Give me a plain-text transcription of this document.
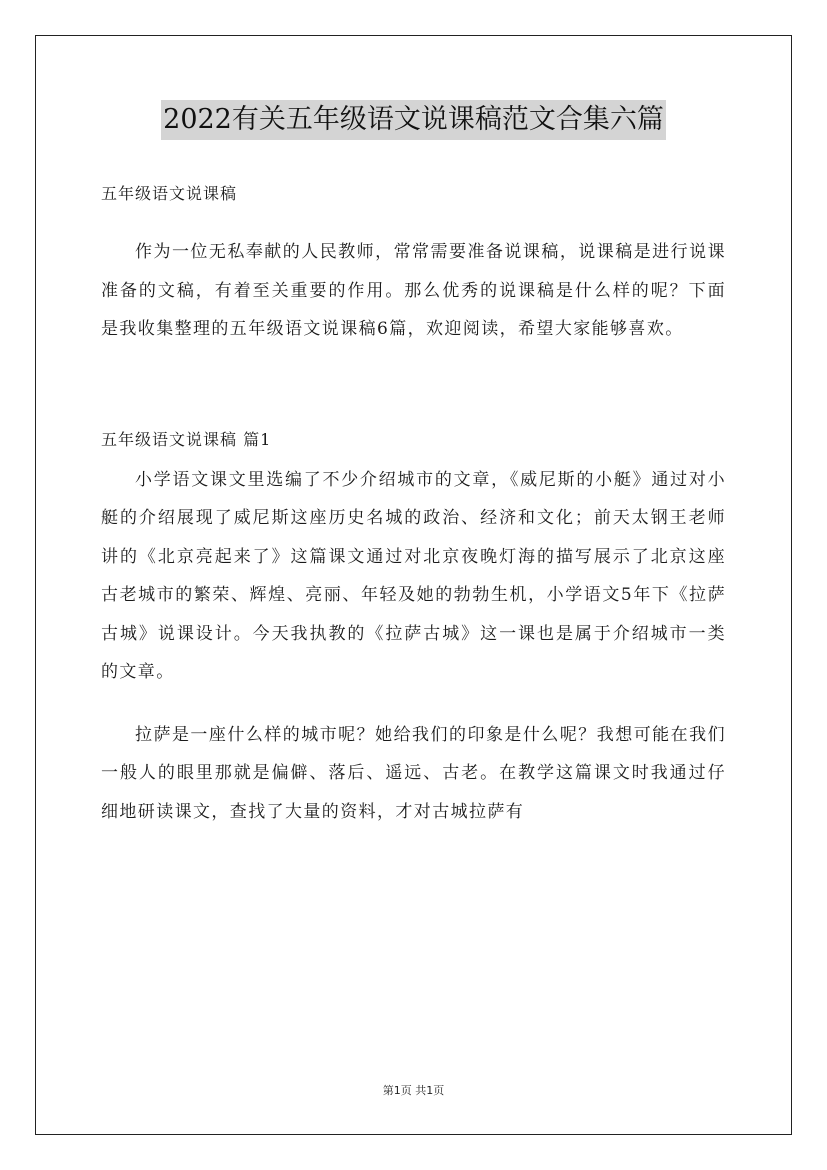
2022有关五年级语文说课稿范文合集六篇

五年级语文说课稿

作为一位无私奉献的人民教师，常常需要准备说课稿，说课稿是进行说课准备的文稿，有着至关重要的作用。那么优秀的说课稿是什么样的呢？下面是我收集整理的五年级语文说课稿6篇，欢迎阅读，希望大家能够喜欢。

五年级语文说课稿 篇1

小学语文课文里选编了不少介绍城市的文章，《威尼斯的小艇》通过对小艇的介绍展现了威尼斯这座历史名城的政治、经济和文化；前天太钢王老师讲的《北京亮起来了》这篇课文通过对北京夜晚灯海的描写展示了北京这座古老城市的繁荣、辉煌、亮丽、年轻及她的勃勃生机，小学语文5年下《拉萨古城》说课设计。今天我执教的《拉萨古城》这一课也是属于介绍城市一类的文章。

拉萨是一座什么样的城市呢？她给我们的印象是什么呢？我想可能在我们一般人的眼里那就是偏僻、落后、遥远、古老。在教学这篇课文时我通过仔细地研读课文，查找了大量的资料，才对古城拉萨有

第1页 共1页
